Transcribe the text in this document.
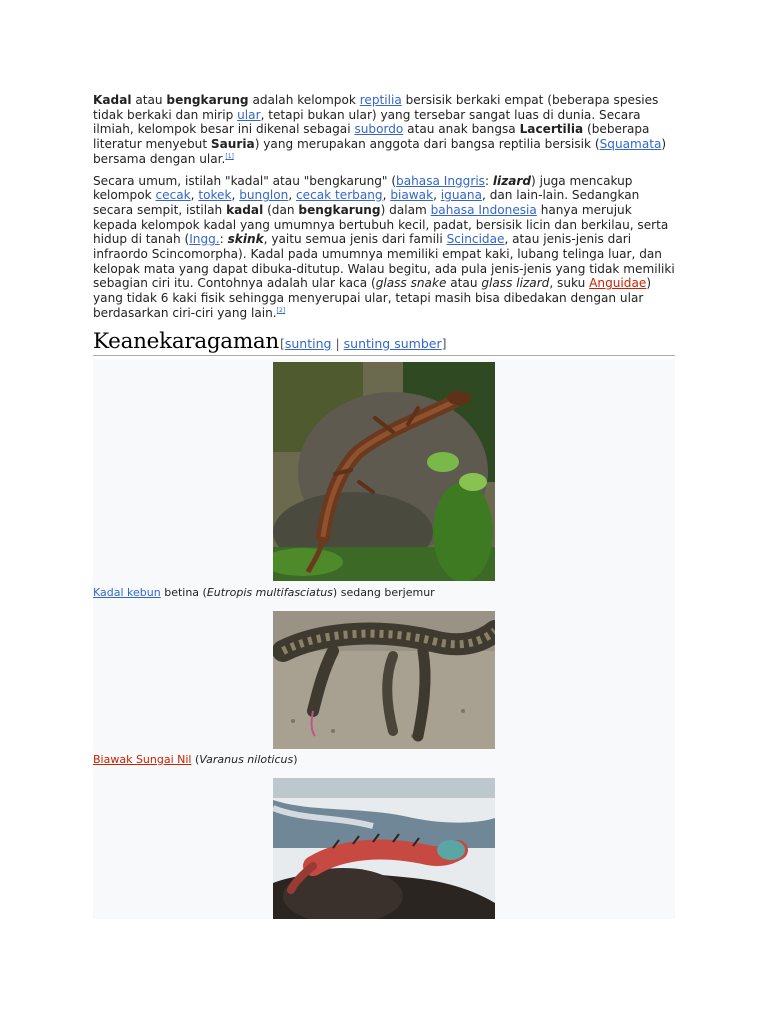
Kadal atau bengkarung adalah kelompok reptilia bersisik berkaki empat (beberapa spesies tidak berkaki dan mirip ular, tetapi bukan ular) yang tersebar sangat luas di dunia. Secara ilmiah, kelompok besar ini dikenal sebagai subordo atau anak bangsa Lacertilia (beberapa literatur menyebut Sauria) yang merupakan anggota dari bangsa reptilia bersisik (Squamata) bersama dengan ular.[1]

Secara umum, istilah "kadal" atau "bengkarung" (bahasa Inggris: lizard) juga mencakup kelompok cecak, tokek, bunglon, cecak terbang, biawak, iguana, dan lain-lain. Sedangkan secara sempit, istilah kadal (dan bengkarung) dalam bahasa Indonesia hanya merujuk kepada kelompok kadal yang umumnya bertubuh kecil, padat, bersisik licin dan berkilau, serta hidup di tanah (Ingg.: skink, yaitu semua jenis dari famili Scincidae, atau jenis-jenis dari infraordo Scincomorpha). Kadal pada umumnya memiliki empat kaki, lubang telinga luar, dan kelopak mata yang dapat dibuka-ditutup. Walau begitu, ada pula jenis-jenis yang tidak memiliki sebagian ciri itu. Contohnya adalah ular kaca (glass snake atau glass lizard, suku Anguidae) yang tidak 6 kaki fisik sehingga menyerupai ular, tetapi masih bisa dibedakan dengan ular berdasarkan ciri-ciri yang lain.[2]

Keanekaragaman [sunting | sunting sumber]
Kadal kebun betina (Eutropis multifasciatus) sedang berjemur
Biawak Sungai Nil (Varanus niloticus)
